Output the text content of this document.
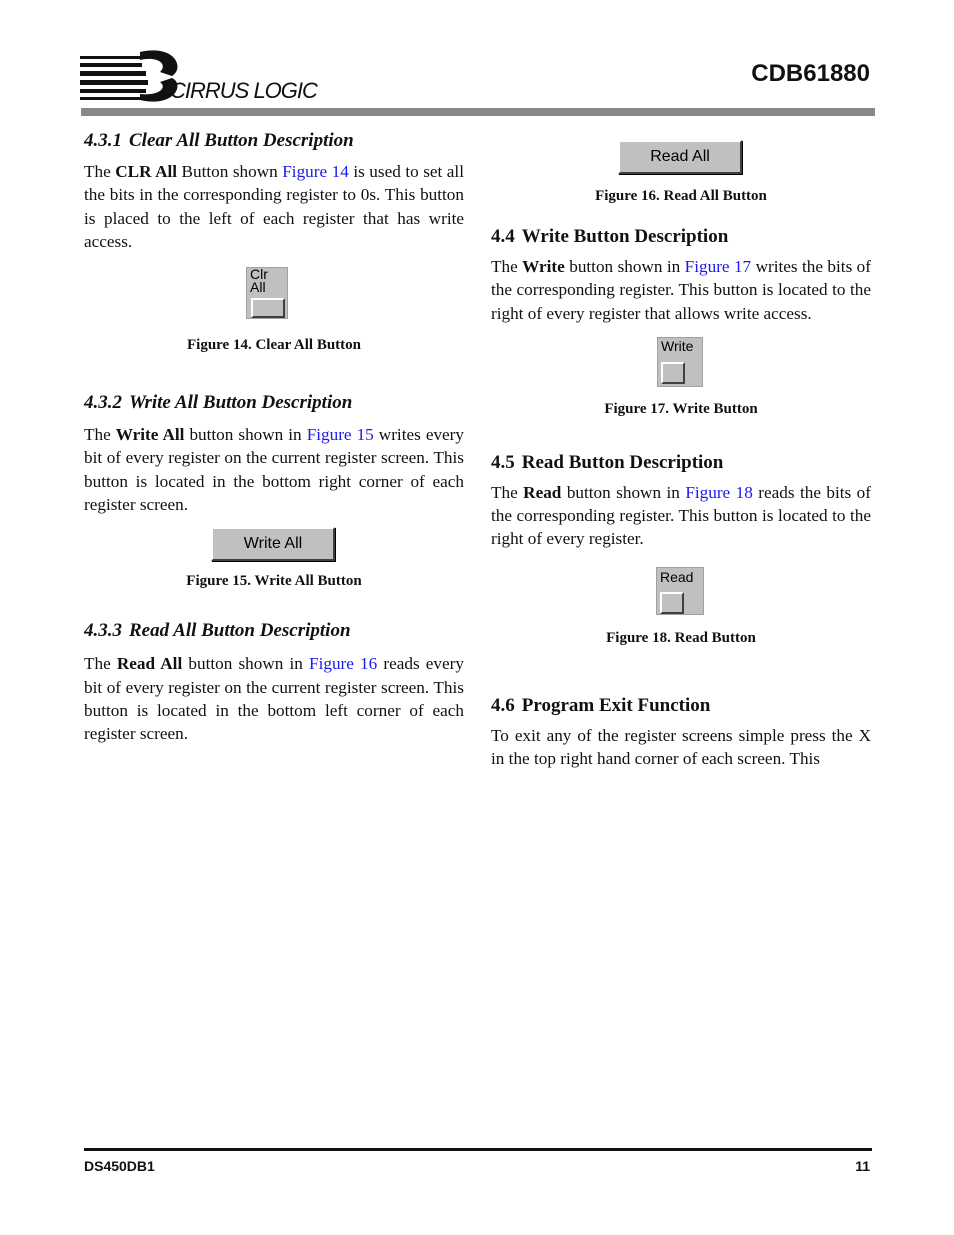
CIRRUS LOGIC
CDB61880
4.3.1 Clear All Button Description

The CLR All Button shown Figure 14 is used to set all the bits in the corresponding register to 0s. This button is placed to the left of each register that has write access.

Clr
All
Figure 14. Clear All Button
4.3.2 Write All Button Description

The Write All button shown in Figure 15 writes every bit of every register on the current register screen. This button is located in the bottom right corner of each register screen.

Write All
Figure 15. Write All Button
4.3.3 Read All Button Description

The Read All button shown in Figure 16 reads every bit of every register on the current register screen. This button is located in the bottom left corner of each register screen.

Read All
Figure 16. Read All Button
4.4 Write Button Description

The Write button shown in Figure 17 writes the bits of the corresponding register. This button is located to the right of every register that allows write access.

Write
Figure 17. Write Button
4.5 Read Button Description

The Read button shown in Figure 18 reads the bits of the corresponding register. This button is located to the right of every register.

Read
Figure 18. Read Button
4.6 Program Exit Function

To exit any of the register screens simple press the X in the top right hand corner of each screen. This

DS450DB1	11
